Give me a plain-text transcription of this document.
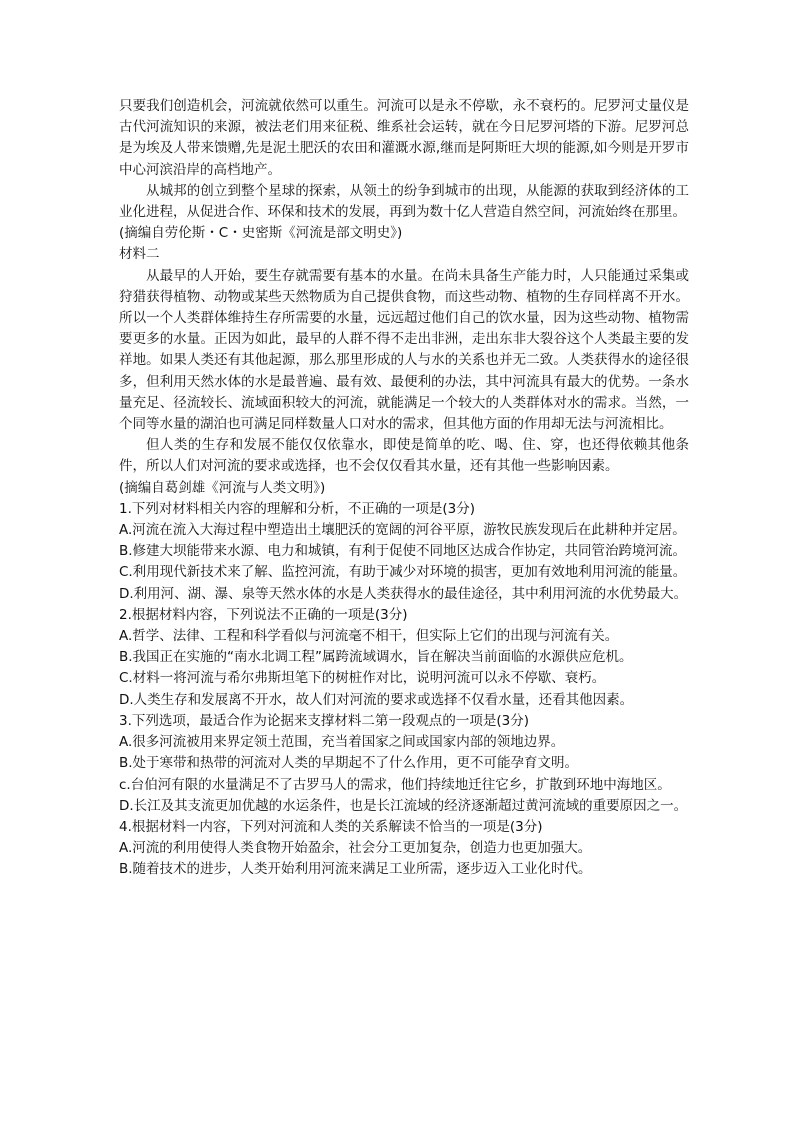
只要我们创造机会，河流就依然可以重生。河流可以是永不停歇，永不衰朽的。尼罗河丈量仪是古代河流知识的来源，被法老们用来征税、维系社会运转，就在今日尼罗河塔的下游。尼罗河总是为埃及人带来馈赠,先是泥土肥沃的农田和灌溉水源,继而是阿斯旺大坝的能源,如今则是开罗市中心河滨沿岸的高档地产。

从城邦的创立到整个星球的探索，从领土的纷争到城市的出现，从能源的获取到经济体的工业化进程，从促进合作、环保和技术的发展，再到为数十亿人营造自然空间，河流始终在那里。

(摘编自劳伦斯・C・史密斯《河流是部文明史》)

材料二

从最早的人开始，要生存就需要有基本的水量。在尚未具备生产能力时，人只能通过采集或狩猎获得植物、动物或某些天然物质为自己提供食物，而这些动物、植物的生存同样离不开水。所以一个人类群体维持生存所需要的水量，远远超过他们自己的饮水量，因为这些动物、植物需要更多的水量。正因为如此，最早的人群不得不走出非洲，走出东非大裂谷这个人类最主要的发祥地。如果人类还有其他起源，那么那里形成的人与水的关系也并无二致。人类获得水的途径很多，但利用天然水体的水是最普遍、最有效、最便利的办法，其中河流具有最大的优势。一条水量充足、径流较长、流域面积较大的河流，就能满足一个较大的人类群体对水的需求。当然，一个同等水量的湖泊也可满足同样数量人口对水的需求，但其他方面的作用却无法与河流相比。

但人类的生存和发展不能仅仅依靠水，即使是简单的吃、喝、住、穿，也还得依赖其他条件，所以人们对河流的要求或选择，也不会仅仅看其水量，还有其他一些影响因素。

(摘编自葛剑雄《河流与人类文明》)

1.下列对材料相关内容的理解和分析，不正确的一项是(3分)

A.河流在流入大海过程中塑造出土壤肥沃的宽阔的河谷平原，游牧民族发现后在此耕种并定居。

B.修建大坝能带来水源、电力和城镇，有利于促使不同地区达成合作协定，共同管治跨境河流。

C.利用现代新技术来了解、监控河流，有助于减少对环境的损害，更加有效地利用河流的能量。

D.利用河、湖、瀑、泉等天然水体的水是人类获得水的最佳途径，其中利用河流的水优势最大。

2.根据材料内容，下列说法不正确的一项是(3分)

A.哲学、法律、工程和科学看似与河流毫不相干，但实际上它们的出现与河流有关。

B.我国正在实施的“南水北调工程”属跨流域调水，旨在解决当前面临的水源供应危机。

C.材料一将河流与希尔弗斯坦笔下的树桩作对比，说明河流可以永不停歇、衰朽。

D.人类生存和发展离不开水，故人们对河流的要求或选择不仅看水量，还看其他因素。

3.下列选项，最适合作为论据来支撑材料二第一段观点的一项是(3分)

A.很多河流被用来界定领土范围，充当着国家之间或国家内部的领地边界。

B.处于寒带和热带的河流对人类的早期起不了什么作用，更不可能孕育文明。

c.台伯河有限的水量满足不了古罗马人的需求，他们持续地迁往它乡，扩散到环地中海地区。

D.长江及其支流更加优越的水运条件，也是长江流域的经济逐渐超过黄河流域的重要原因之一。

4.根据材料一内容，下列对河流和人类的关系解读不恰当的一项是(3分)

A.河流的利用使得人类食物开始盈余，社会分工更加复杂，创造力也更加强大。

B.随着技术的进步，人类开始利用河流来满足工业所需，逐步迈入工业化时代。
